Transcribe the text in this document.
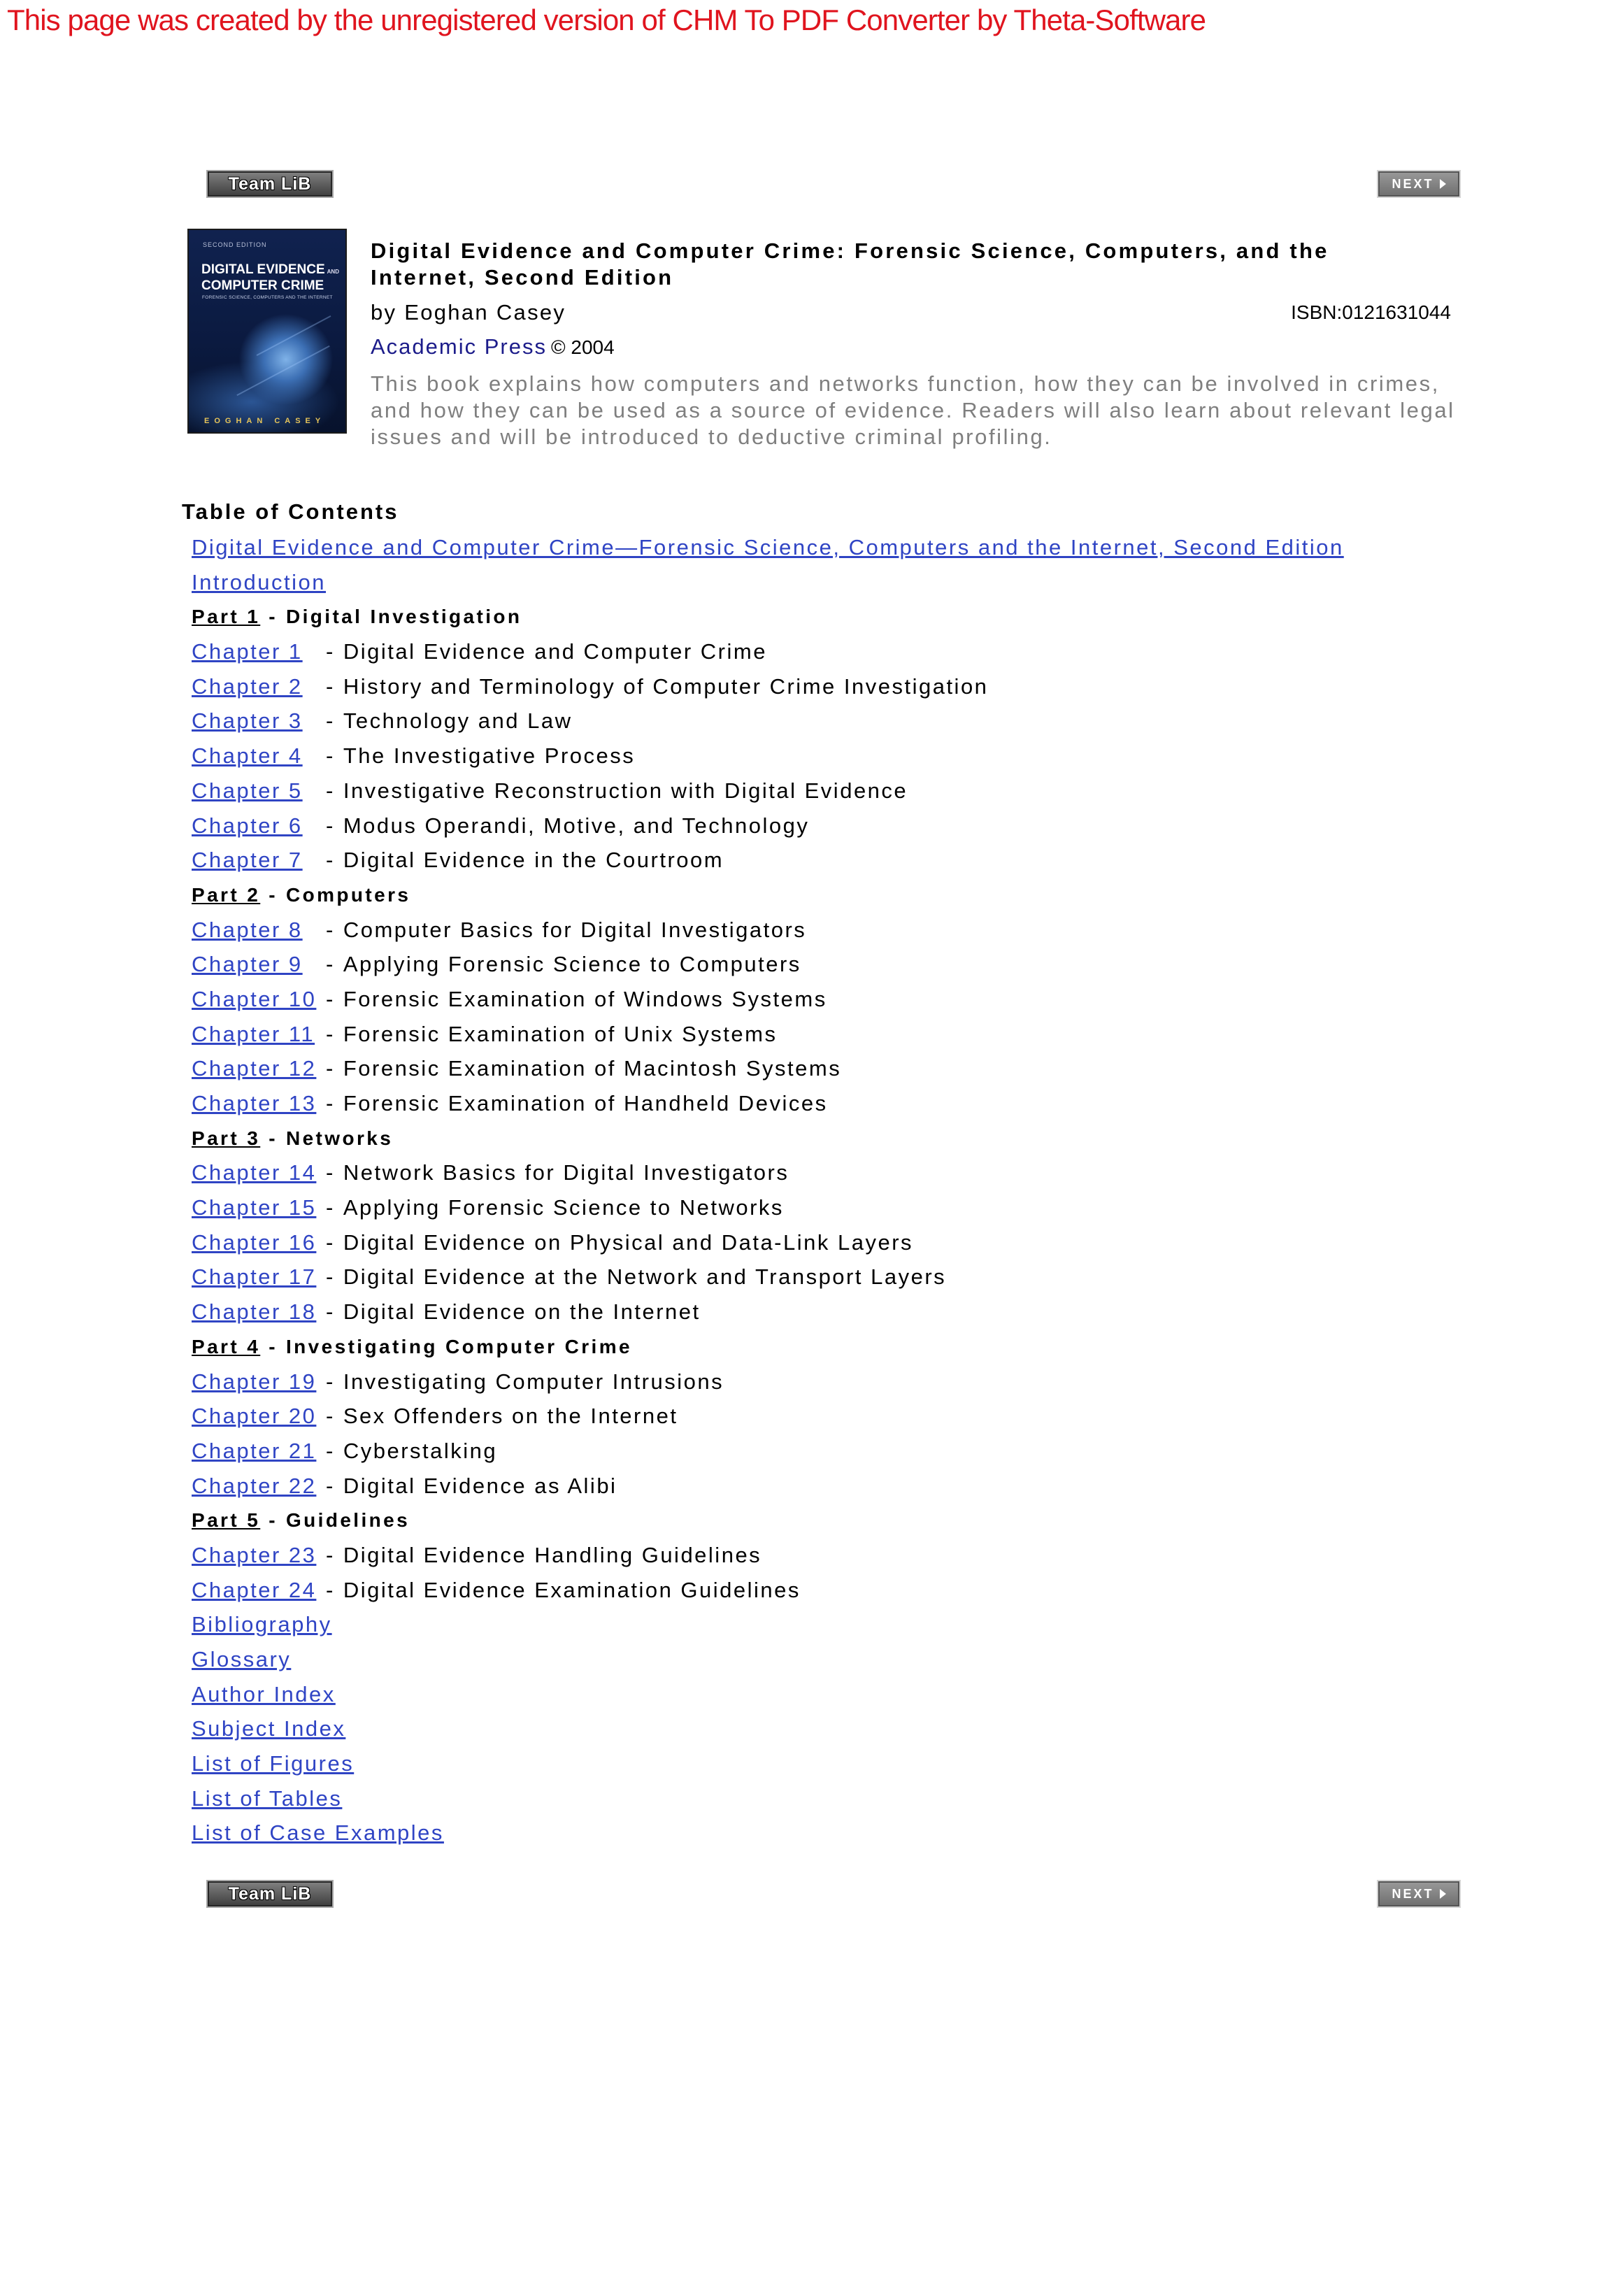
This page was created by the unregistered version of CHM To PDF Converter by Theta-Software
Team LiB	NEXT
SECOND EDITION
DIGITAL EVIDENCE AND
COMPUTER CRIME
FORENSIC SCIENCE, COMPUTERS AND THE INTERNET
EOGHAN CASEY
Digital Evidence and Computer Crime: Forensic Science, Computers, and the
Internet, Second Edition
by Eoghan Casey	ISBN:0121631044
Academic Press © 2004
This book explains how computers and networks function, how they can be involved in crimes,
and how they can be used as a source of evidence. Readers will also learn about relevant legal
issues and will be introduced to deductive criminal profiling.
Table of Contents
Digital Evidence and Computer Crime—Forensic Science, Computers and the Internet, Second Edition
Introduction
Part 1 - Digital Investigation
Chapter 1 - Digital Evidence and Computer Crime
Chapter 2 - History and Terminology of Computer Crime Investigation
Chapter 3 - Technology and Law
Chapter 4 - The Investigative Process
Chapter 5 - Investigative Reconstruction with Digital Evidence
Chapter 6 - Modus Operandi, Motive, and Technology
Chapter 7 - Digital Evidence in the Courtroom
Part 2 - Computers
Chapter 8 - Computer Basics for Digital Investigators
Chapter 9 - Applying Forensic Science to Computers
Chapter 10 - Forensic Examination of Windows Systems
Chapter 11 - Forensic Examination of Unix Systems
Chapter 12 - Forensic Examination of Macintosh Systems
Chapter 13 - Forensic Examination of Handheld Devices
Part 3 - Networks
Chapter 14 - Network Basics for Digital Investigators
Chapter 15 - Applying Forensic Science to Networks
Chapter 16 - Digital Evidence on Physical and Data-Link Layers
Chapter 17 - Digital Evidence at the Network and Transport Layers
Chapter 18 - Digital Evidence on the Internet
Part 4 - Investigating Computer Crime
Chapter 19 - Investigating Computer Intrusions
Chapter 20 - Sex Offenders on the Internet
Chapter 21 - Cyberstalking
Chapter 22 - Digital Evidence as Alibi
Part 5 - Guidelines
Chapter 23 - Digital Evidence Handling Guidelines
Chapter 24 - Digital Evidence Examination Guidelines
Bibliography
Glossary
Author Index
Subject Index
List of Figures
List of Tables
List of Case Examples
Team LiB	NEXT
